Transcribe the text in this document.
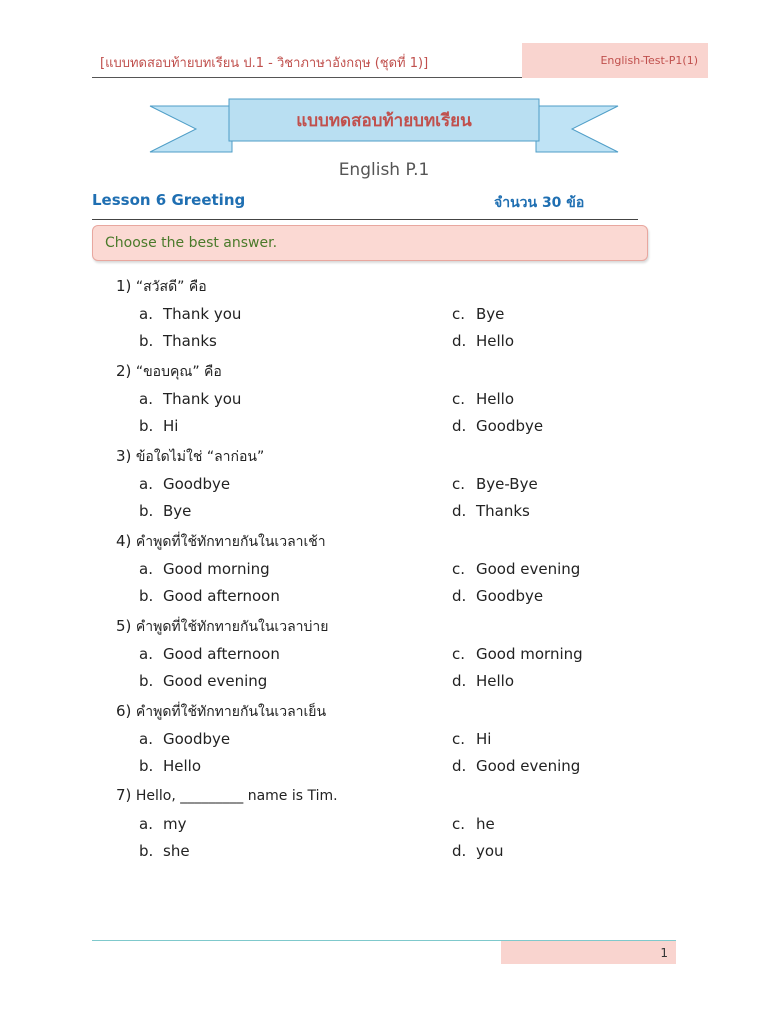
[แบบทดสอบท้ายบทเรียน ป.1 - วิชาภาษาอังกฤษ (ชุดที่ 1)]	English-Test-P1(1)
แบบทดสอบท้ายบทเรียน
English P.1
Lesson 6 Greeting	จำนวน 30 ข้อ
Choose the best answer.
1) “สวัสดี” คือ
a. Thank you	c. Bye
b. Thanks	d. Hello
2) “ขอบคุณ” คือ
a. Thank you	c. Hello
b. Hi	d. Goodbye
3) ข้อใดไม่ใช่ “ลาก่อน”
a. Goodbye	c. Bye-Bye
b. Bye	d. Thanks
4) คำพูดที่ใช้ทักทายกันในเวลาเช้า
a. Good morning	c. Good evening
b. Good afternoon	d. Goodbye
5) คำพูดที่ใช้ทักทายกันในเวลาบ่าย
a. Good afternoon	c. Good morning
b. Good evening	d. Hello
6) คำพูดที่ใช้ทักทายกันในเวลาเย็น
a. Goodbye	c. Hi
b. Hello	d. Good evening
7) Hello, _________ name is Tim.
a. my	c. he
b. she	d. you
1
